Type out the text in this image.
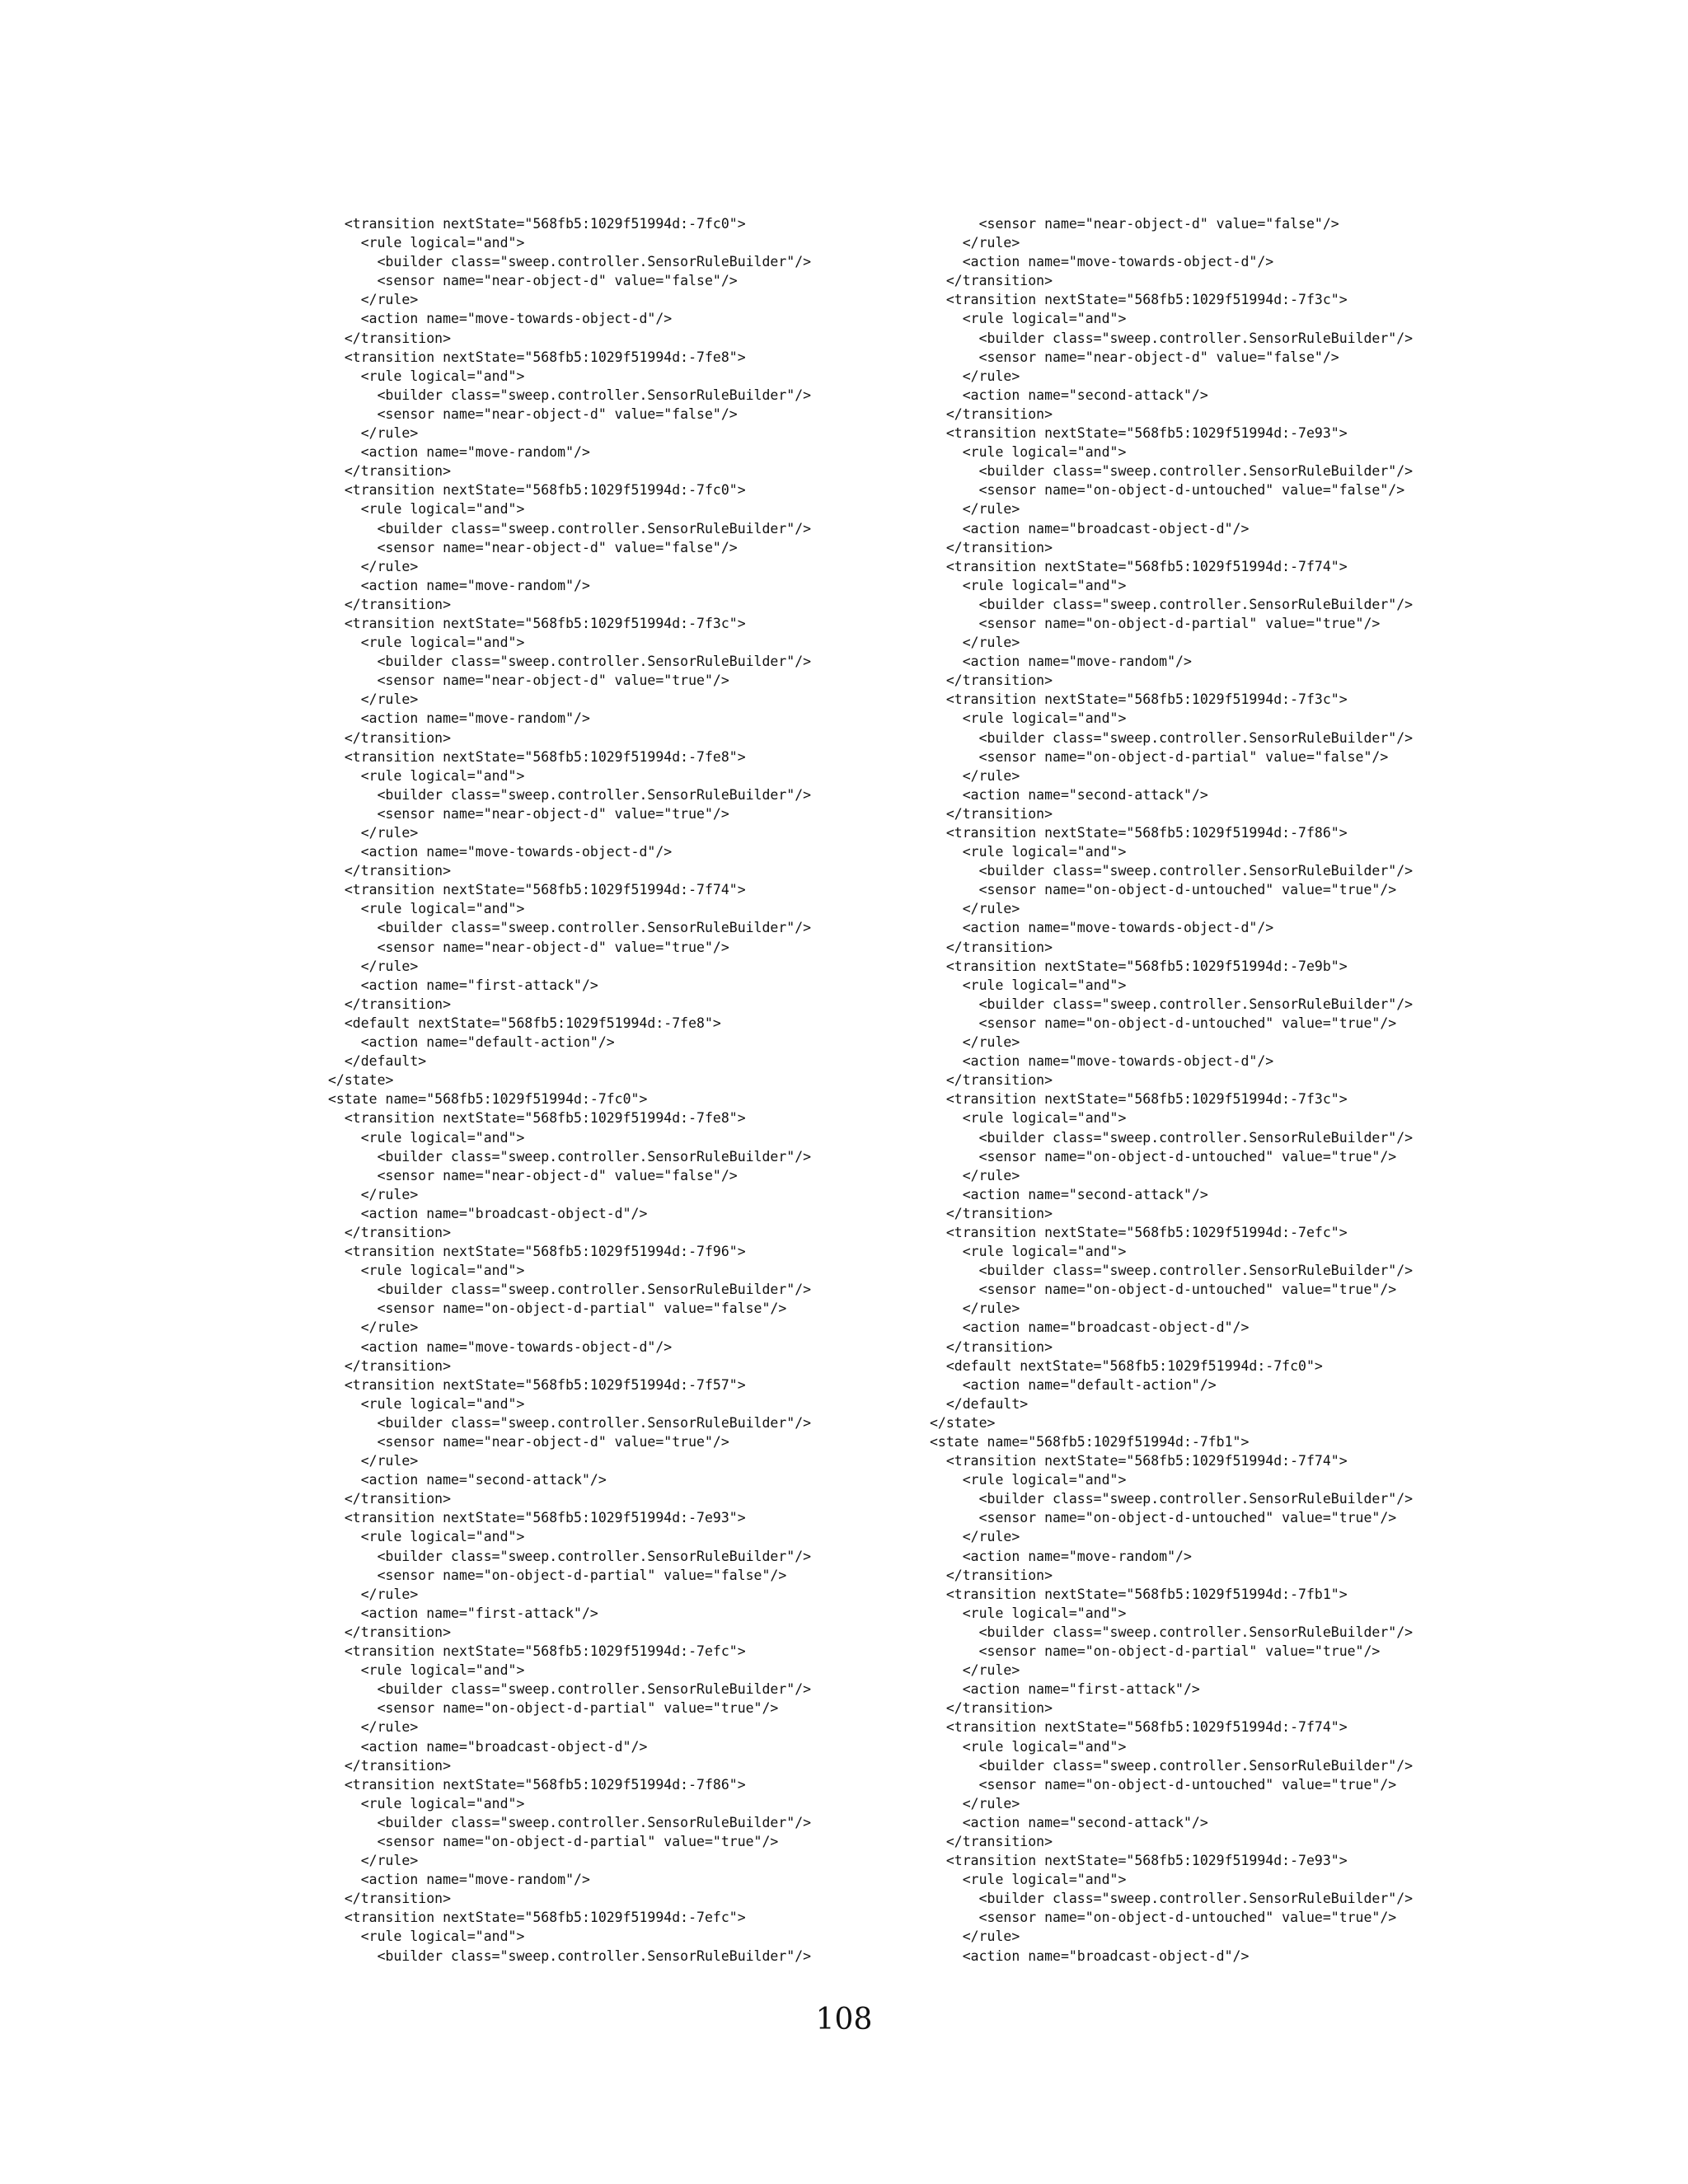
<transition nextState="568fb5:1029f51994d:-7fc0">
<rule logical="and">
<builder class="sweep.controller.SensorRuleBuilder"/>
<sensor name="near-object-d" value="false"/>
</rule>
<action name="move-towards-object-d"/>
</transition>
<transition nextState="568fb5:1029f51994d:-7fe8">
<rule logical="and">
<builder class="sweep.controller.SensorRuleBuilder"/>
<sensor name="near-object-d" value="false"/>
</rule>
<action name="move-random"/>
</transition>
<transition nextState="568fb5:1029f51994d:-7fc0">
<rule logical="and">
<builder class="sweep.controller.SensorRuleBuilder"/>
<sensor name="near-object-d" value="false"/>
</rule>
<action name="move-random"/>
</transition>
<transition nextState="568fb5:1029f51994d:-7f3c">
<rule logical="and">
<builder class="sweep.controller.SensorRuleBuilder"/>
<sensor name="near-object-d" value="true"/>
</rule>
<action name="move-random"/>
</transition>
<transition nextState="568fb5:1029f51994d:-7fe8">
<rule logical="and">
<builder class="sweep.controller.SensorRuleBuilder"/>
<sensor name="near-object-d" value="true"/>
</rule>
<action name="move-towards-object-d"/>
</transition>
<transition nextState="568fb5:1029f51994d:-7f74">
<rule logical="and">
<builder class="sweep.controller.SensorRuleBuilder"/>
<sensor name="near-object-d" value="true"/>
</rule>
<action name="first-attack"/>
</transition>
<default nextState="568fb5:1029f51994d:-7fe8">
<action name="default-action"/>
</default>
</state>
<state name="568fb5:1029f51994d:-7fc0">
<transition nextState="568fb5:1029f51994d:-7fe8">
<rule logical="and">
<builder class="sweep.controller.SensorRuleBuilder"/>
<sensor name="near-object-d" value="false"/>
</rule>
<action name="broadcast-object-d"/>
</transition>
<transition nextState="568fb5:1029f51994d:-7f96">
<rule logical="and">
<builder class="sweep.controller.SensorRuleBuilder"/>
<sensor name="on-object-d-partial" value="false"/>
</rule>
<action name="move-towards-object-d"/>
</transition>
<transition nextState="568fb5:1029f51994d:-7f57">
<rule logical="and">
<builder class="sweep.controller.SensorRuleBuilder"/>
<sensor name="near-object-d" value="true"/>
</rule>
<action name="second-attack"/>
</transition>
<transition nextState="568fb5:1029f51994d:-7e93">
<rule logical="and">
<builder class="sweep.controller.SensorRuleBuilder"/>
<sensor name="on-object-d-partial" value="false"/>
</rule>
<action name="first-attack"/>
</transition>
<transition nextState="568fb5:1029f51994d:-7efc">
<rule logical="and">
<builder class="sweep.controller.SensorRuleBuilder"/>
<sensor name="on-object-d-partial" value="true"/>
</rule>
<action name="broadcast-object-d"/>
</transition>
<transition nextState="568fb5:1029f51994d:-7f86">
<rule logical="and">
<builder class="sweep.controller.SensorRuleBuilder"/>
<sensor name="on-object-d-partial" value="true"/>
</rule>
<action name="move-random"/>
</transition>
<transition nextState="568fb5:1029f51994d:-7efc">
<rule logical="and">
<builder class="sweep.controller.SensorRuleBuilder"/>
<sensor name="near-object-d" value="false"/>
</rule>
<action name="move-towards-object-d"/>
</transition>
<transition nextState="568fb5:1029f51994d:-7f3c">
<rule logical="and">
<builder class="sweep.controller.SensorRuleBuilder"/>
<sensor name="near-object-d" value="false"/>
</rule>
<action name="second-attack"/>
</transition>
<transition nextState="568fb5:1029f51994d:-7e93">
<rule logical="and">
<builder class="sweep.controller.SensorRuleBuilder"/>
<sensor name="on-object-d-untouched" value="false"/>
</rule>
<action name="broadcast-object-d"/>
</transition>
<transition nextState="568fb5:1029f51994d:-7f74">
<rule logical="and">
<builder class="sweep.controller.SensorRuleBuilder"/>
<sensor name="on-object-d-partial" value="true"/>
</rule>
<action name="move-random"/>
</transition>
<transition nextState="568fb5:1029f51994d:-7f3c">
<rule logical="and">
<builder class="sweep.controller.SensorRuleBuilder"/>
<sensor name="on-object-d-partial" value="false"/>
</rule>
<action name="second-attack"/>
</transition>
<transition nextState="568fb5:1029f51994d:-7f86">
<rule logical="and">
<builder class="sweep.controller.SensorRuleBuilder"/>
<sensor name="on-object-d-untouched" value="true"/>
</rule>
<action name="move-towards-object-d"/>
</transition>
<transition nextState="568fb5:1029f51994d:-7e9b">
<rule logical="and">
<builder class="sweep.controller.SensorRuleBuilder"/>
<sensor name="on-object-d-untouched" value="true"/>
</rule>
<action name="move-towards-object-d"/>
</transition>
<transition nextState="568fb5:1029f51994d:-7f3c">
<rule logical="and">
<builder class="sweep.controller.SensorRuleBuilder"/>
<sensor name="on-object-d-untouched" value="true"/>
</rule>
<action name="second-attack"/>
</transition>
<transition nextState="568fb5:1029f51994d:-7efc">
<rule logical="and">
<builder class="sweep.controller.SensorRuleBuilder"/>
<sensor name="on-object-d-untouched" value="true"/>
</rule>
<action name="broadcast-object-d"/>
</transition>
<default nextState="568fb5:1029f51994d:-7fc0">
<action name="default-action"/>
</default>
</state>
<state name="568fb5:1029f51994d:-7fb1">
<transition nextState="568fb5:1029f51994d:-7f74">
<rule logical="and">
<builder class="sweep.controller.SensorRuleBuilder"/>
<sensor name="on-object-d-untouched" value="true"/>
</rule>
<action name="move-random"/>
</transition>
<transition nextState="568fb5:1029f51994d:-7fb1">
<rule logical="and">
<builder class="sweep.controller.SensorRuleBuilder"/>
<sensor name="on-object-d-partial" value="true"/>
</rule>
<action name="first-attack"/>
</transition>
<transition nextState="568fb5:1029f51994d:-7f74">
<rule logical="and">
<builder class="sweep.controller.SensorRuleBuilder"/>
<sensor name="on-object-d-untouched" value="true"/>
</rule>
<action name="second-attack"/>
</transition>
<transition nextState="568fb5:1029f51994d:-7e93">
<rule logical="and">
<builder class="sweep.controller.SensorRuleBuilder"/>
<sensor name="on-object-d-untouched" value="true"/>
</rule>
<action name="broadcast-object-d"/>
108
